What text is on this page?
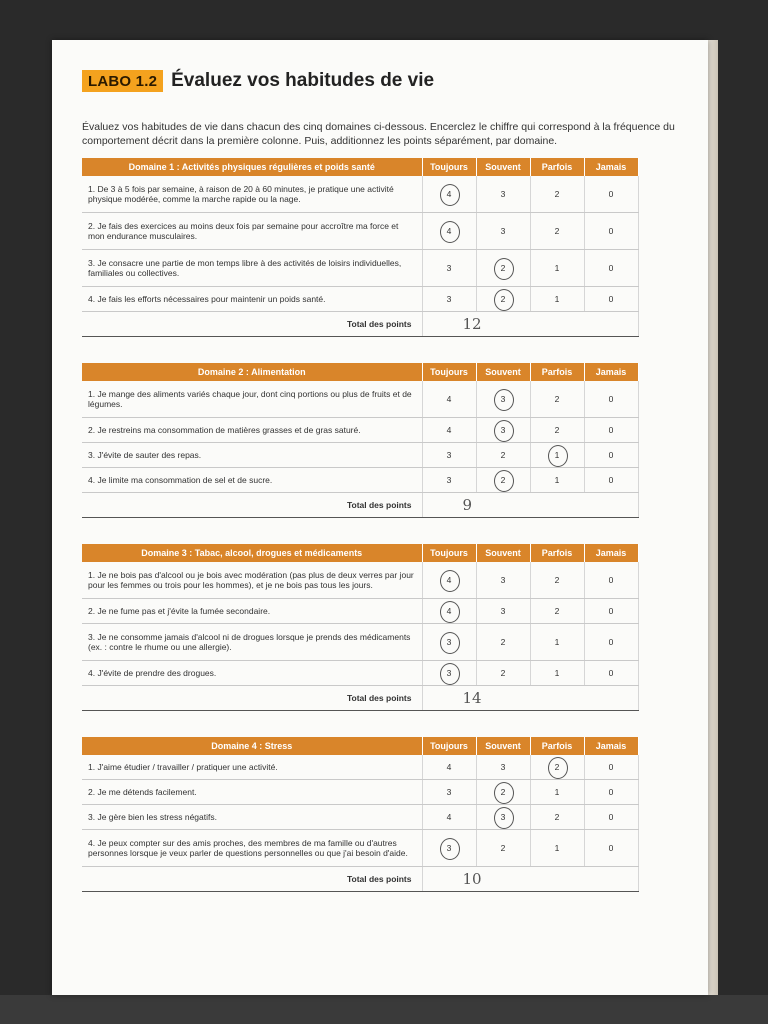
LABO 1.2 Évaluez vos habitudes de vie
Évaluez vos habitudes de vie dans chacun des cinq domaines ci-dessous. Encerclez le chiffre qui correspond à la fréquence du comportement décrit dans la première colonne. Puis, additionnez les points séparément, par domaine.
Domaine 1 : Activités physiques régulières et poids santé	Toujours	Souvent	Parfois	Jamais
1. De 3 à 5 fois par semaine, à raison de 20 à 60 minutes, je pratique une activité physique modérée, comme la marche rapide ou la nage.	4	3	2	0
2. Je fais des exercices au moins deux fois par semaine pour accroître ma force et mon endurance musculaires.	4	3	2	0
3. Je consacre une partie de mon temps libre à des activités de loisirs individuelles, familiales ou collectives.	3	2	1	0
4. Je fais les efforts nécessaires pour maintenir un poids santé.	3	2	1	0
Total des points	12			
Domaine 2 : Alimentation	Toujours	Souvent	Parfois	Jamais
1. Je mange des aliments variés chaque jour, dont cinq portions ou plus de fruits et de légumes.	4	3	2	0
2. Je restreins ma consommation de matières grasses et de gras saturé.	4	3	2	0
3. J'évite de sauter des repas.	3	2	1	0
4. Je limite ma consommation de sel et de sucre.	3	2	1	0
Total des points	9			
Domaine 3 : Tabac, alcool, drogues et médicaments	Toujours	Souvent	Parfois	Jamais
1. Je ne bois pas d'alcool ou je bois avec modération (pas plus de deux verres par jour pour les femmes ou trois pour les hommes), et je ne bois pas tous les jours.	4	3	2	0
2. Je ne fume pas et j'évite la fumée secondaire.	4	3	2	0
3. Je ne consomme jamais d'alcool ni de drogues lorsque je prends des médicaments (ex. : contre le rhume ou une allergie).	3	2	1	0
4. J'évite de prendre des drogues.	3	2	1	0
Total des points	14			
Domaine 4 : Stress	Toujours	Souvent	Parfois	Jamais
1. J'aime étudier / travailler / pratiquer une activité.	4	3	2	0
2. Je me détends facilement.	3	2	1	0
3. Je gère bien les stress négatifs.	4	3	2	0
4. Je peux compter sur des amis proches, des membres de ma famille ou d'autres personnes lorsque je veux parler de questions personnelles ou que j'ai besoin d'aide.	3	2	1	0
Total des points	10			
